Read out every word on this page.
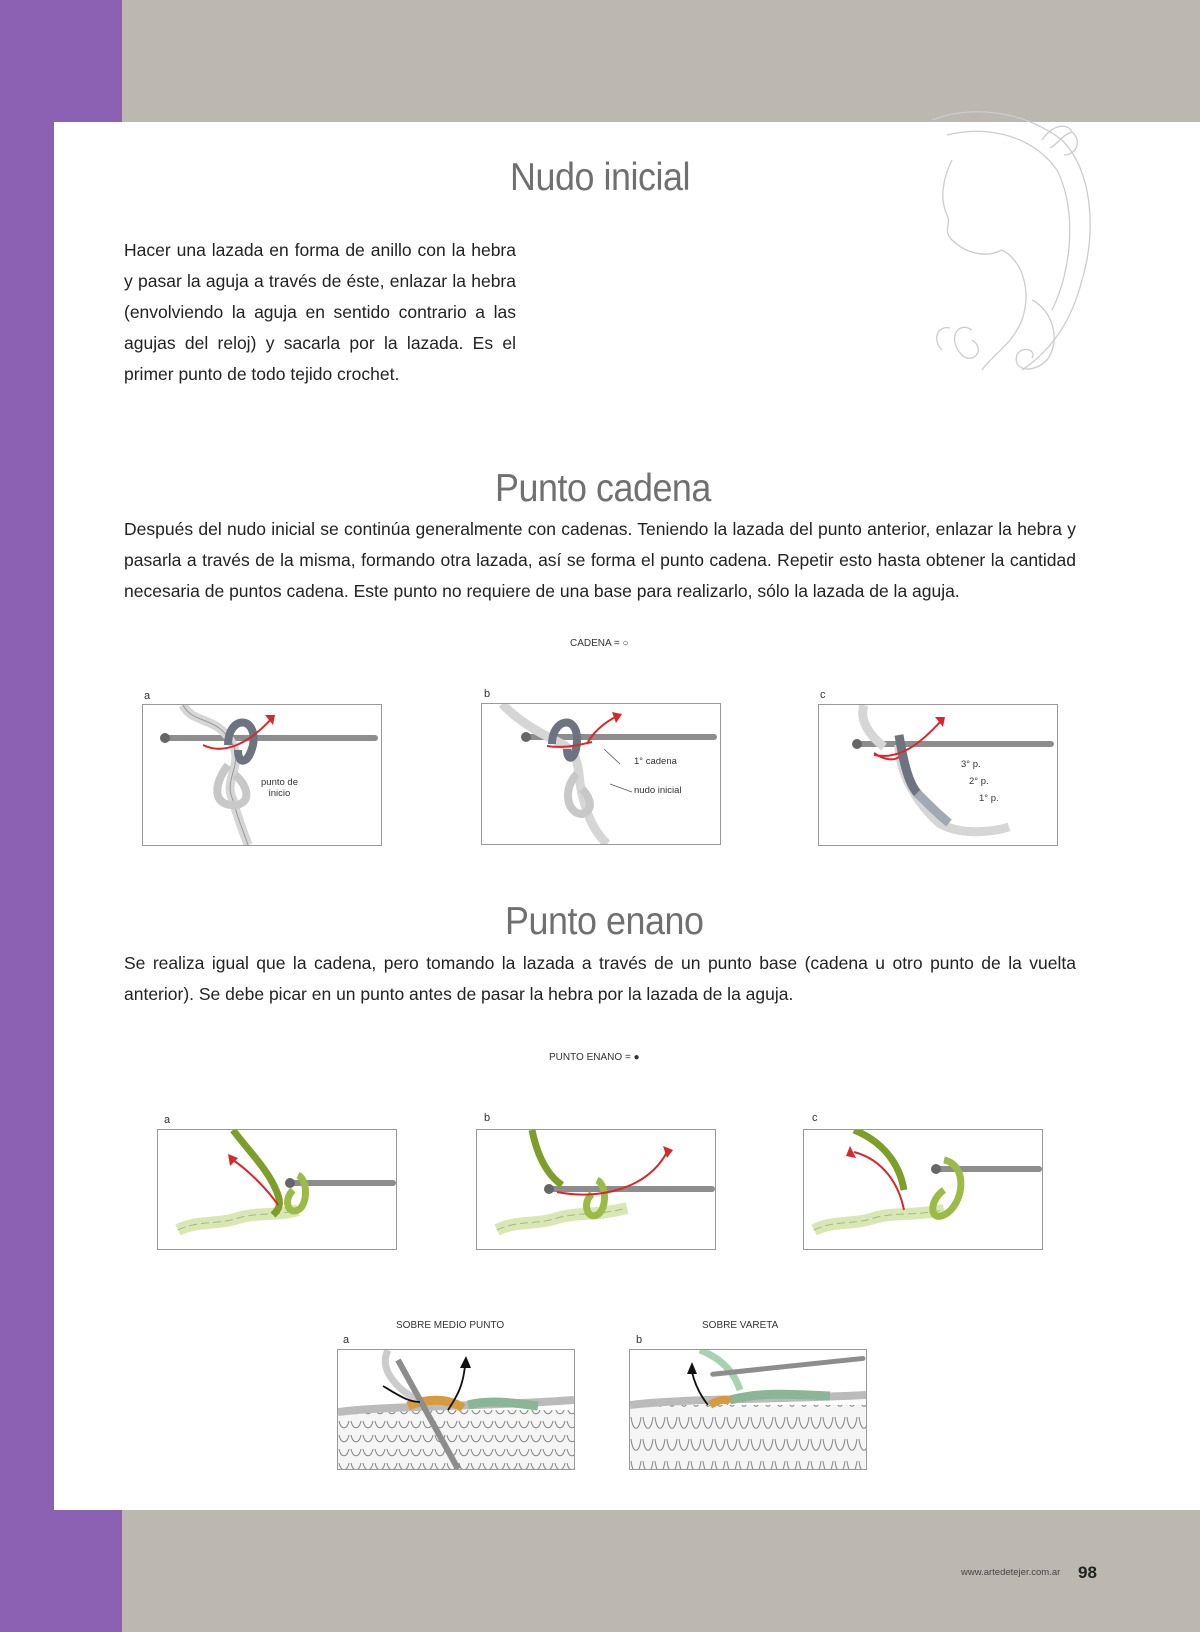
Nudo inicial

Hacer una lazada en forma de anillo con la hebra y pasar la aguja a través de éste, enlazar la hebra (envolviendo la aguja en sentido contrario a las agujas del reloj) y sacarla por la lazada. Es el primer punto de todo tejido crochet.

Punto cadena

Después del nudo inicial se continúa generalmente con cadenas. Teniendo la lazada del punto anterior, enlazar la hebra y pasarla a través de la misma, formando otra lazada, así se forma el punto cadena. Repetir esto hasta obtener la cantidad necesaria de puntos cadena. Este punto no requiere de una base para realizarlo, sólo la lazada de la aguja.

CADENA = ○
a
punto de
inicio
b
1° cadena
nudo inicial
c
3° p.
2° p.
1° p.
Punto enano

Se realiza igual que la cadena, pero tomando la lazada a través de un punto base (cadena u otro punto de la vuelta anterior). Se debe picar en un punto antes de pasar la hebra por la lazada de la aguja.

PUNTO ENANO = ●
a	b	c
SOBRE MEDIO PUNTO
a
SOBRE VARETA
b
www.artedetejer.com.ar 98
